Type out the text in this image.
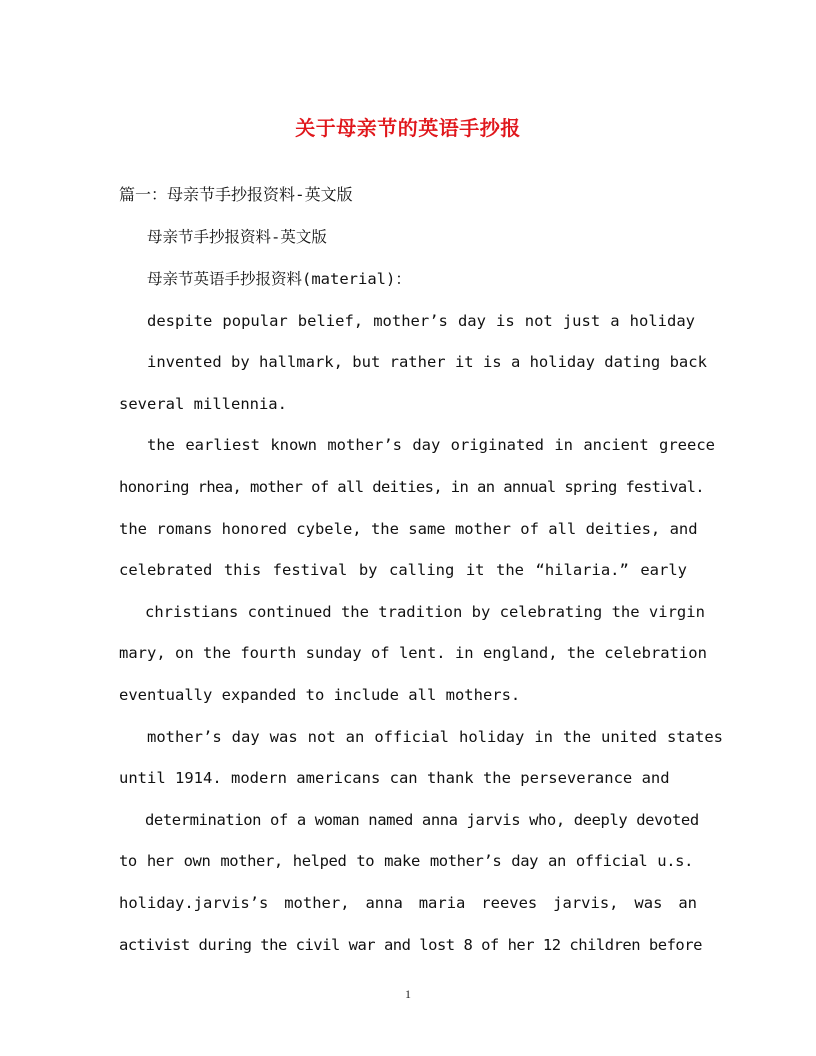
关于母亲节的英语手抄报

篇一：母亲节手抄报资料-英文版

母亲节手抄报资料-英文版

母亲节英语手抄报资料(material)：

despite popular belief, mother’s day is not just a holiday

invented by hallmark, but rather it is a holiday dating back

several millennia.

the earliest known mother’s day originated in ancient greece

honoring rhea, mother of all deities, in an annual spring festival.

the romans honored cybele, the same mother of all deities, and

celebrated this festival by calling it the “hilaria.” early

christians continued the tradition by celebrating the virgin

mary, on the fourth sunday of lent. in england, the celebration

eventually expanded to include all mothers.

mother’s day was not an official holiday in the united states

until 1914. modern americans can thank the perseverance and

determination of a woman named anna jarvis who, deeply devoted

to her own mother, helped to make mother’s day an official u.s.

holiday.jarvis’s mother, anna maria reeves jarvis, was an

activist during the civil war and lost 8 of her 12 children before

1
